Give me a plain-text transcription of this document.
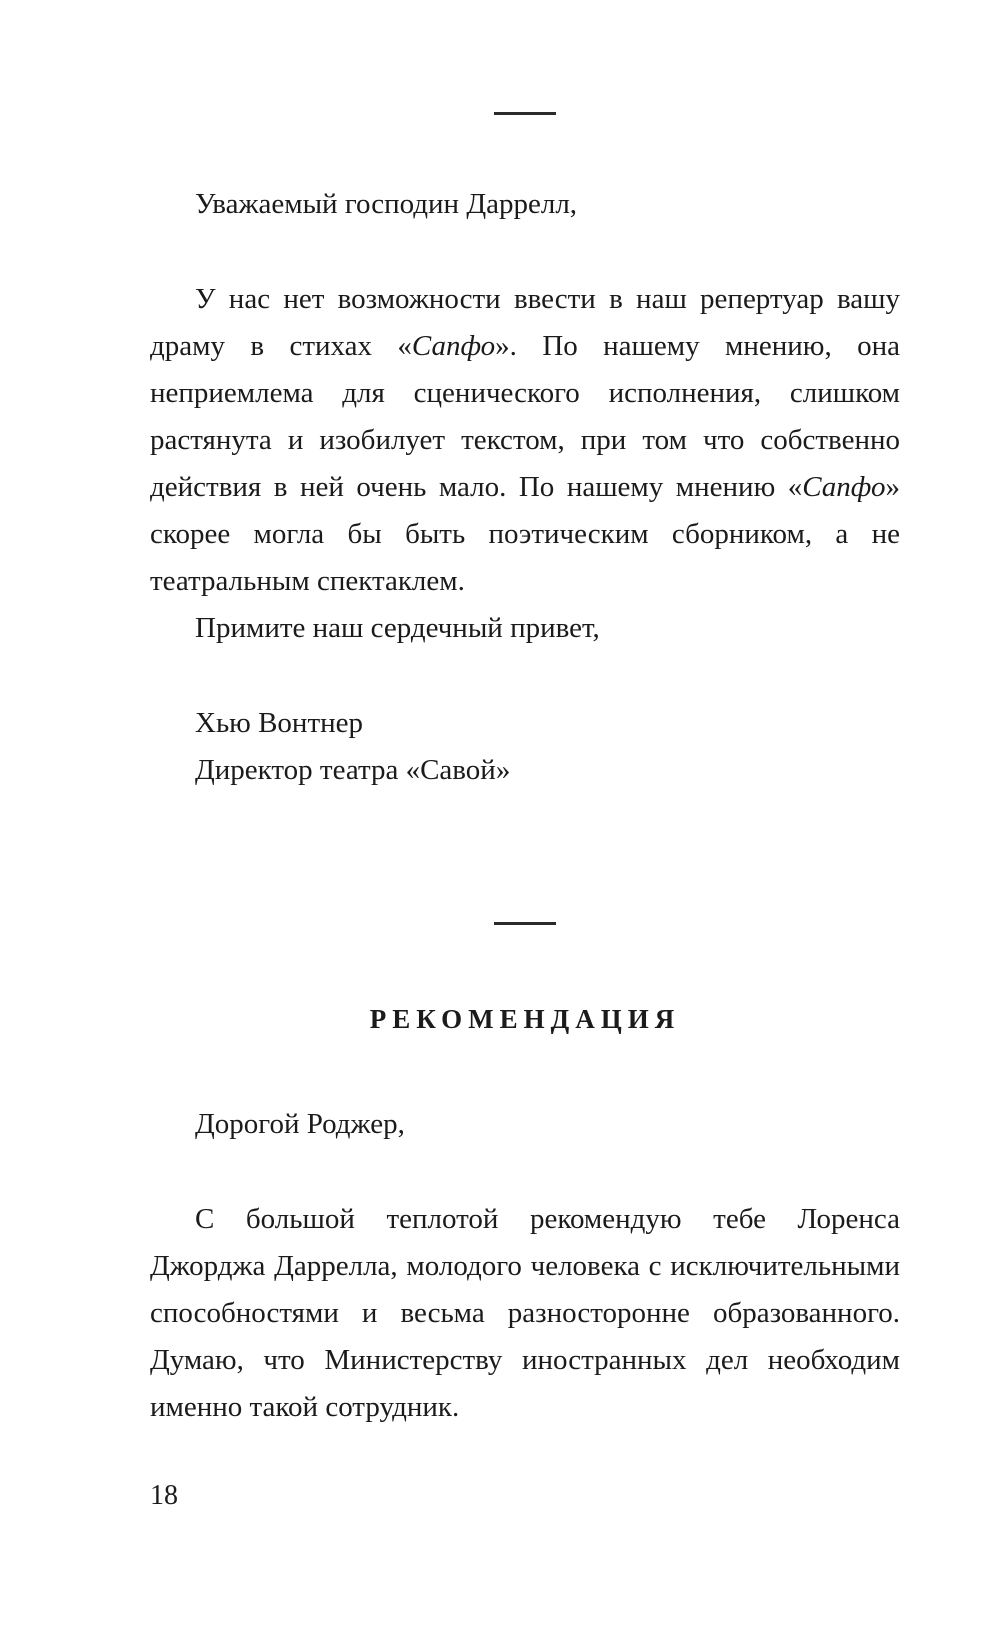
Уважаемый господин Даррелл,

У нас нет возможности ввести в наш репертуар вашу драму в стихах «Сапфо». По нашему мнению, она неприемлема для сценического исполнения, слишком растянута и изобилует текстом, при том что собственно действия в ней очень мало. По нашему мнению «Сапфо» скорее могла бы быть поэтическим сборником, а не театральным спектаклем.

Примите наш сердечный привет,

Хью Вонтнер

Директор театра «Савой»

РЕКОМЕНДАЦИЯ

Дорогой Роджер,

С большой теплотой рекомендую тебе Лоренса Джорджа Даррелла, молодого человека с исключительными способностями и весьма разносторонне образованного. Думаю, что Министерству иностранных дел необходим именно такой сотрудник.

18
